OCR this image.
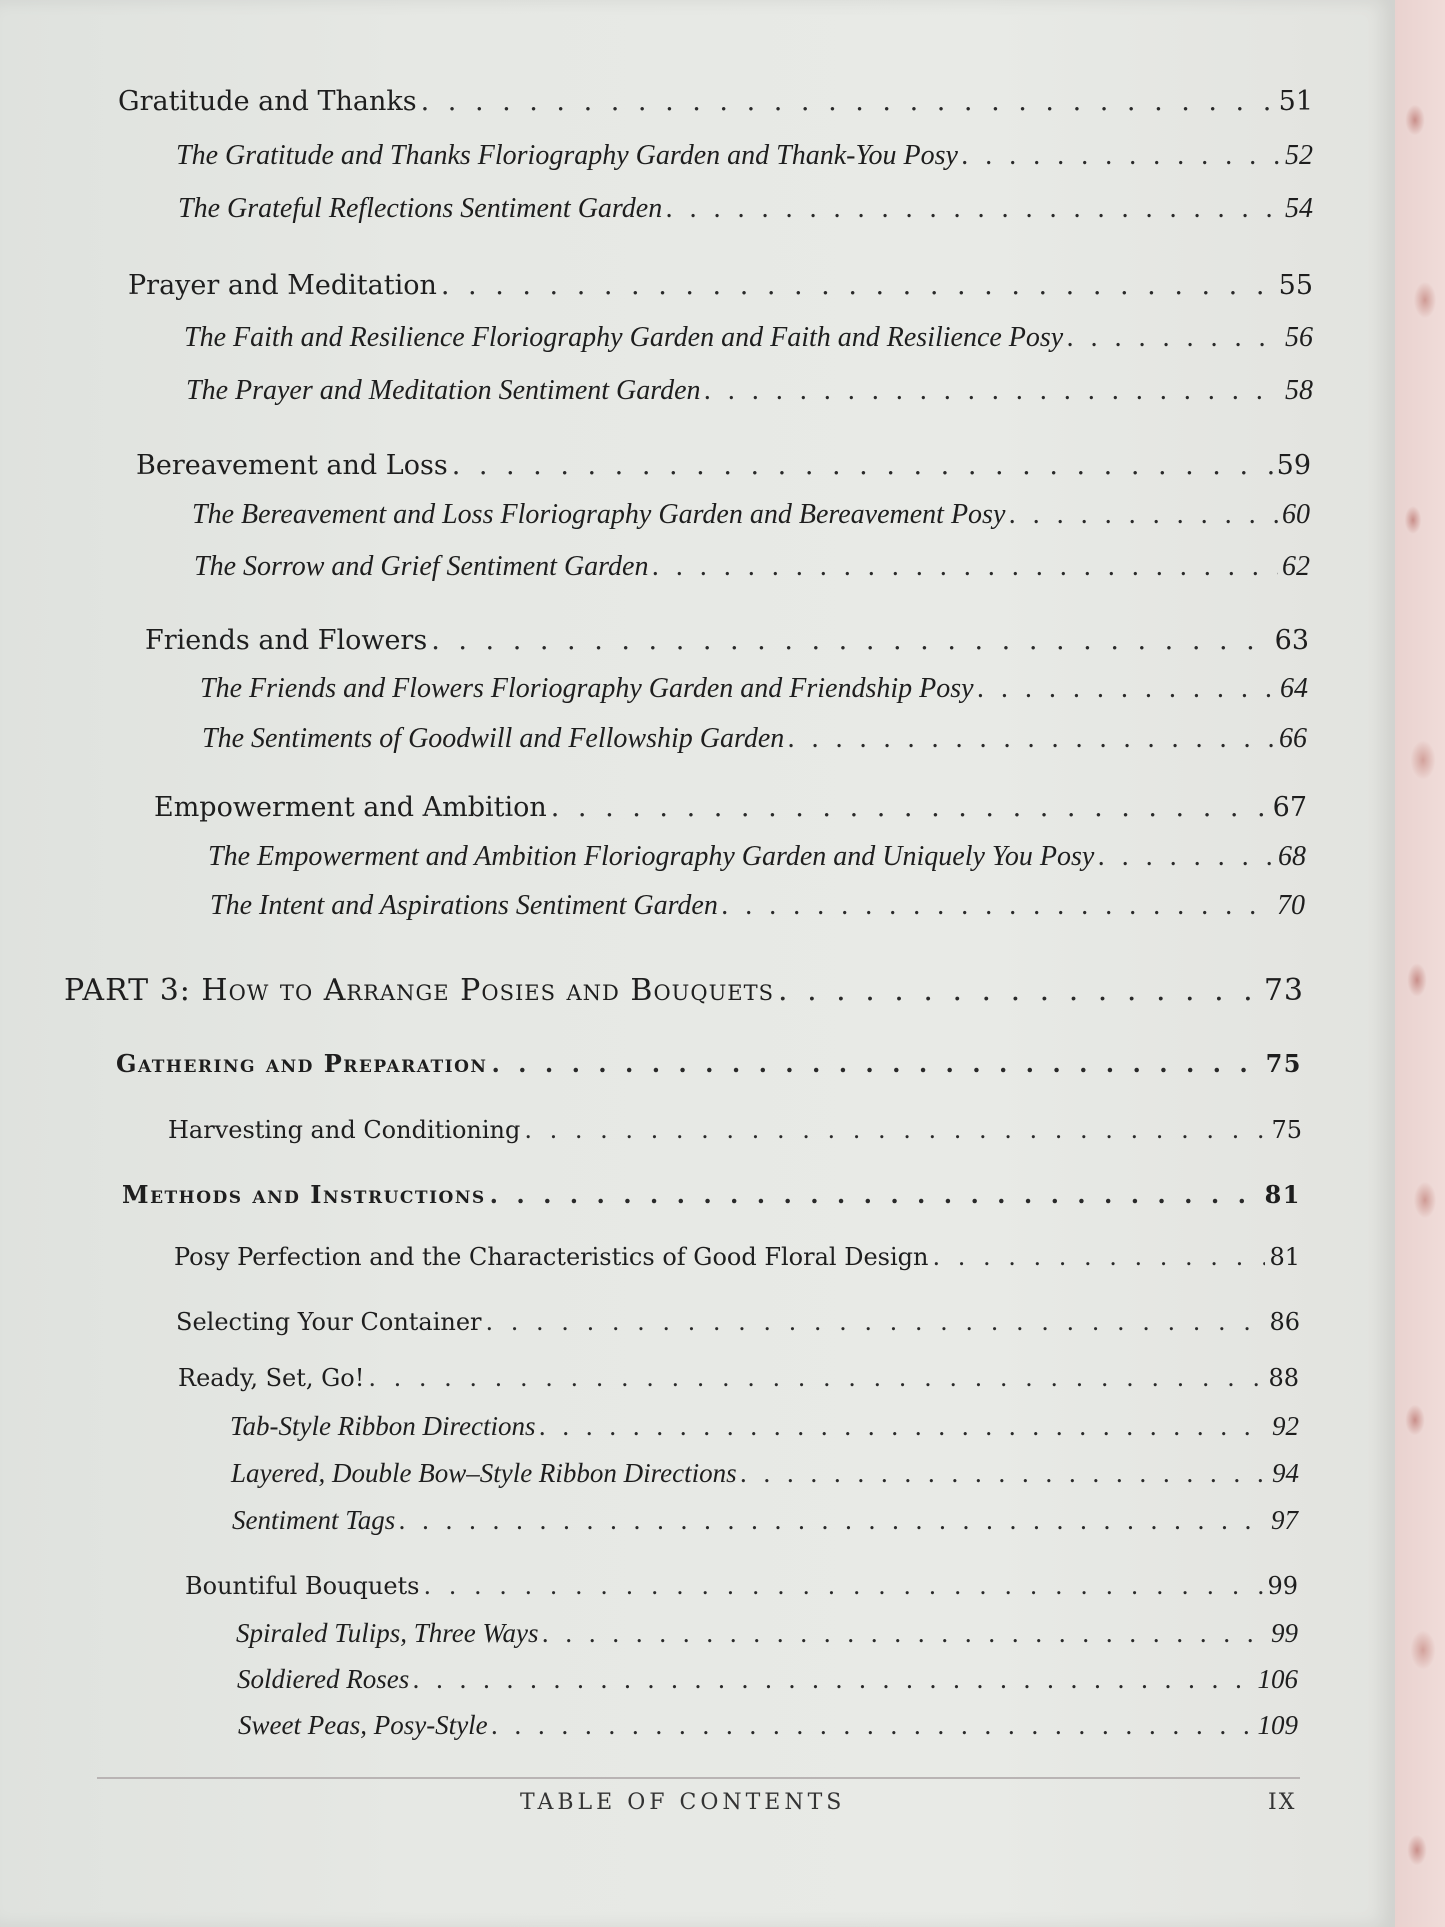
Gratitude and Thanks . . .	51
The Gratitude and Thanks Floriography Garden and Thank-You Posy . . .	52
The Grateful Reflections Sentiment Garden . . .	54
Prayer and Meditation . . .	55
The Faith and Resilience Floriography Garden and Faith and Resilience Posy . . .	56
The Prayer and Meditation Sentiment Garden . . .	58
Bereavement and Loss . . .	59
The Bereavement and Loss Floriography Garden and Bereavement Posy . . .	60
The Sorrow and Grief Sentiment Garden . . .	62
Friends and Flowers . . .	63
The Friends and Flowers Floriography Garden and Friendship Posy . . .	64
The Sentiments of Goodwill and Fellowship Garden . . .	66
Empowerment and Ambition . . .	67
The Empowerment and Ambition Floriography Garden and Uniquely You Posy . . .	68
The Intent and Aspirations Sentiment Garden . . .	70
PART 3: How to Arrange Posies and Bouquets . . .	73
Gathering and Preparation . . .	75
Harvesting and Conditioning . . .	75
Methods and Instructions . . .	81
Posy Perfection and the Characteristics of Good Floral Design . . .	81
Selecting Your Container . . .	86
Ready, Set, Go! . . .	88
Tab-Style Ribbon Directions . . .	92
Layered, Double Bow–Style Ribbon Directions . . .	94
Sentiment Tags . . .	97
Bountiful Bouquets . . .	99
Spiraled Tulips, Three Ways . . .	99
Soldiered Roses . . .	106
Sweet Peas, Posy-Style . . .	109
TABLE OF CONTENTS	IX
